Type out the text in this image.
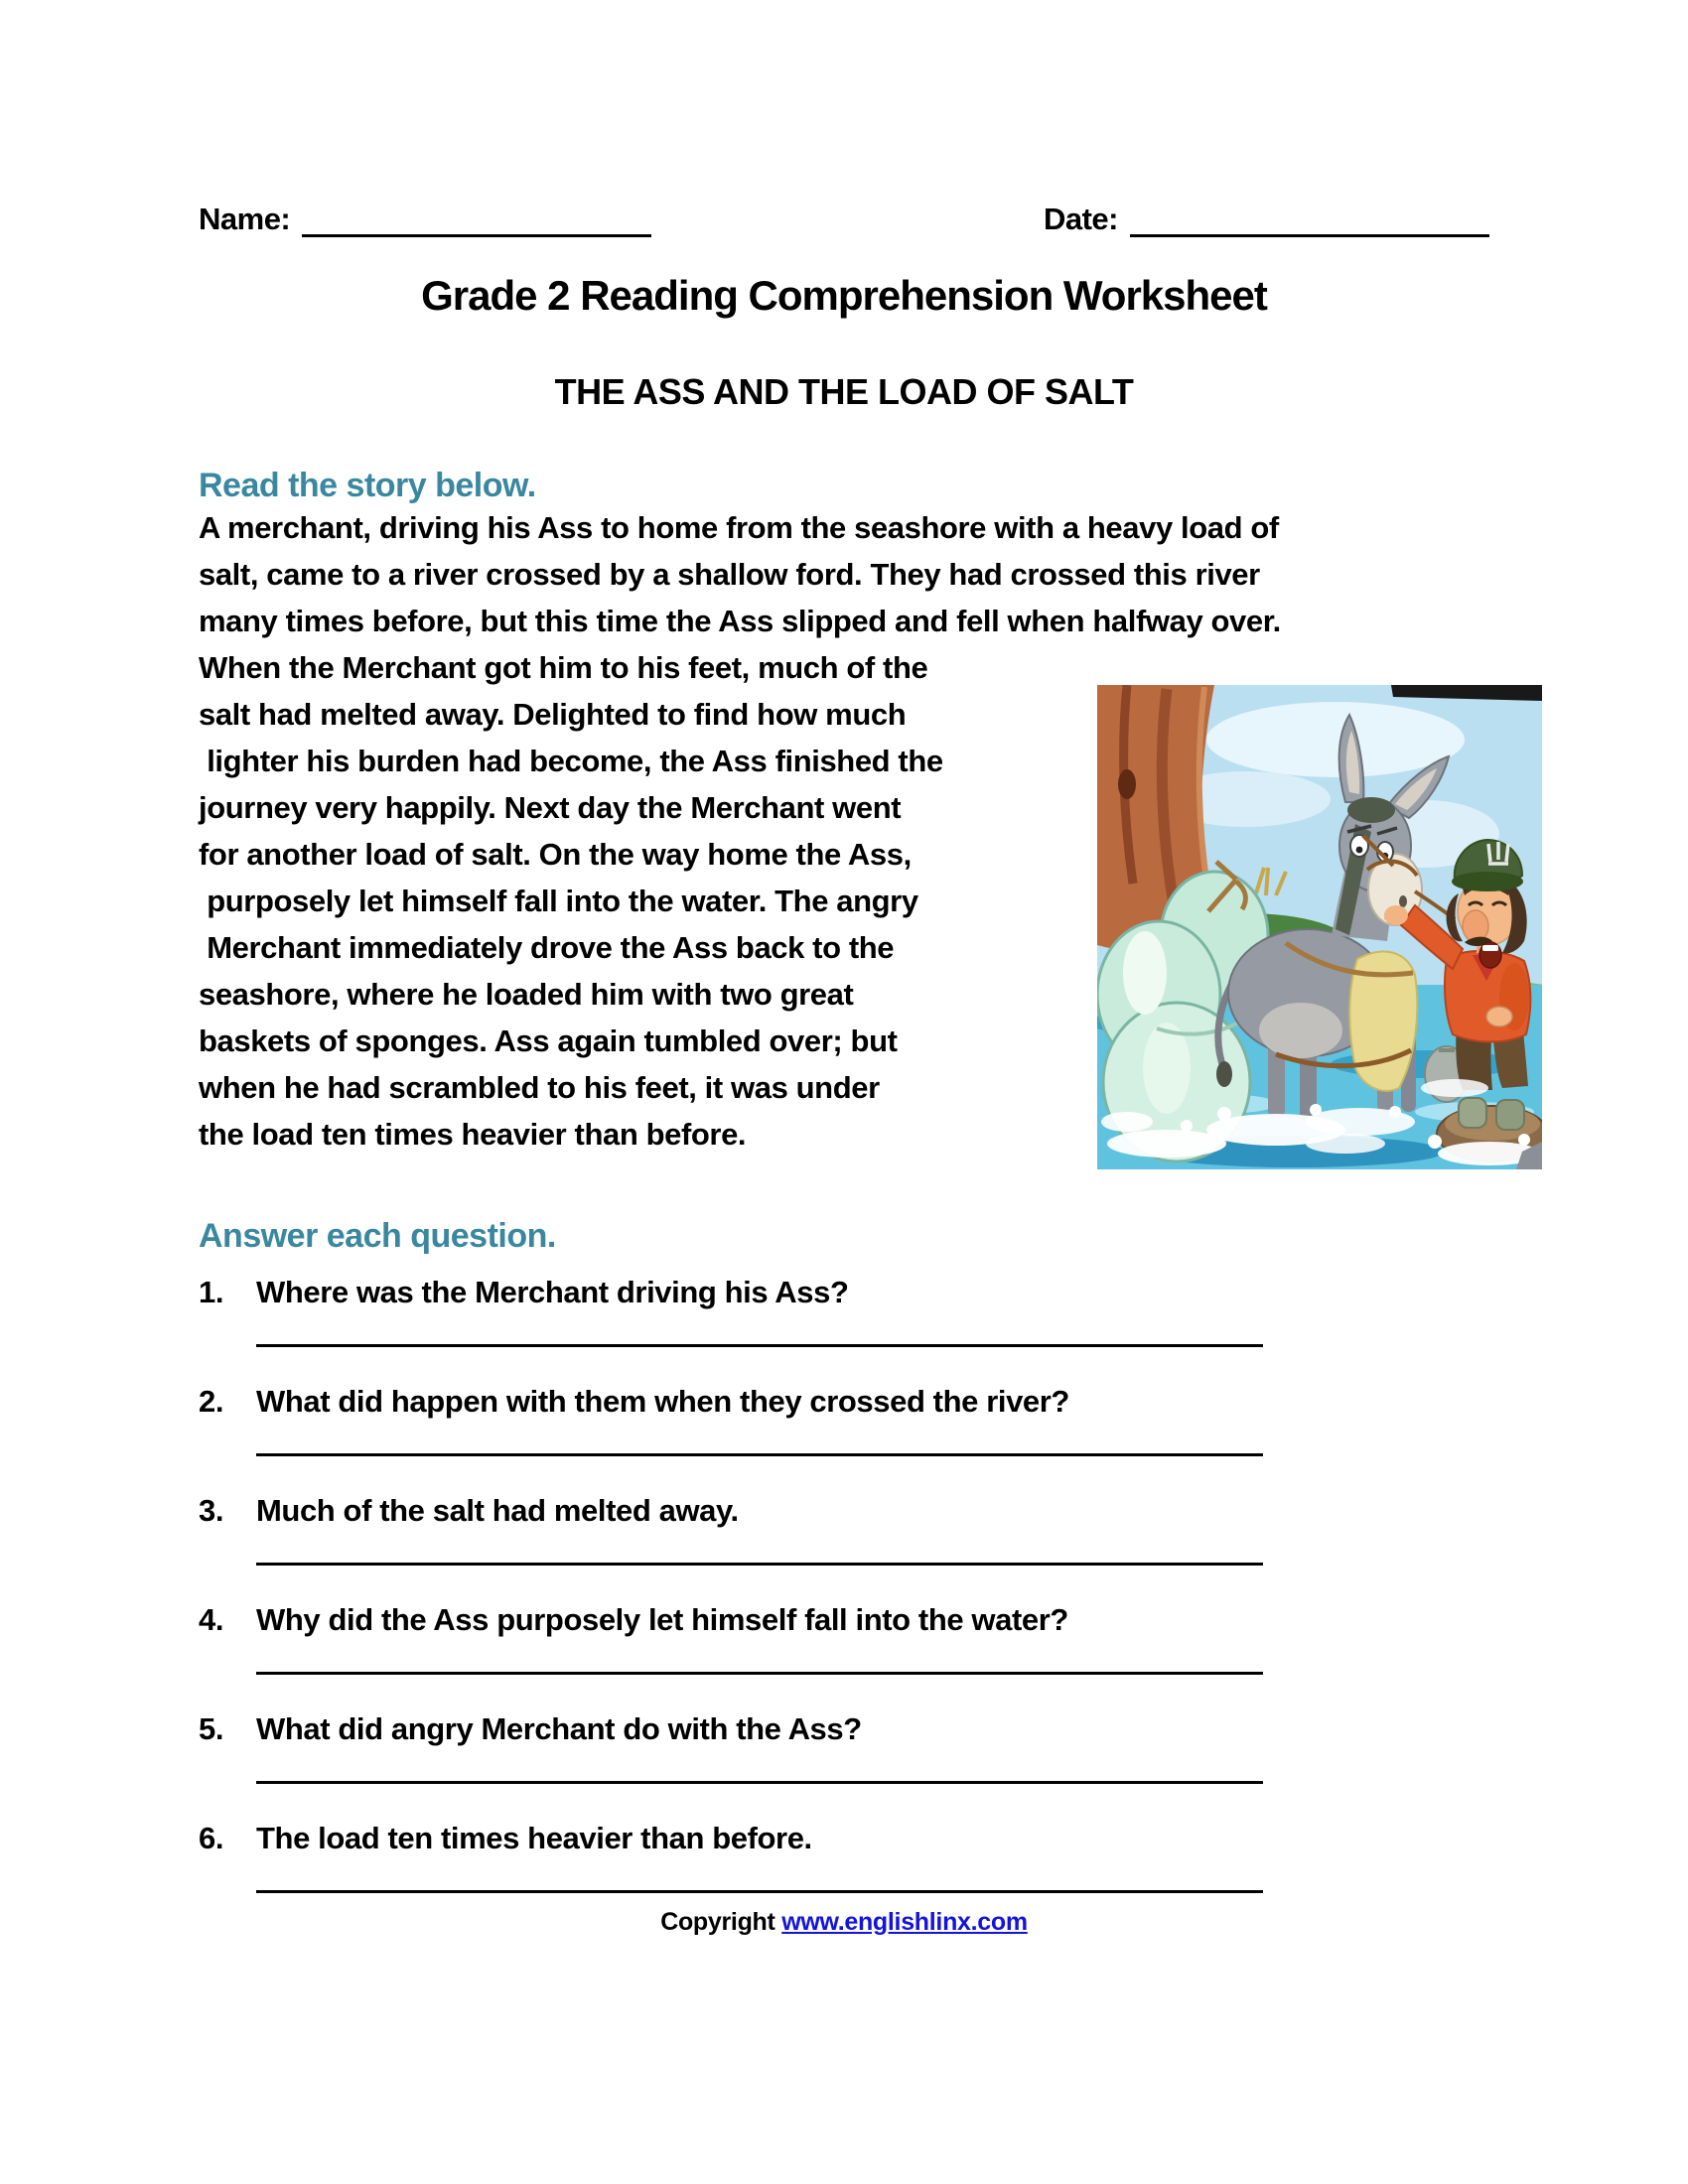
Name:	Date:
Grade 2 Reading Comprehension Worksheet
THE ASS AND THE LOAD OF SALT
Read the story below.
A merchant, driving his Ass to home from the seashore with a heavy load of
salt, came to a river crossed by a shallow ford. They had crossed this river
many times before, but this time the Ass slipped and fell when halfway over.
When the Merchant got him to his feet, much of the
salt had melted away. Delighted to find how much
lighter his burden had become, the Ass finished the
journey very happily. Next day the Merchant went
for another load of salt. On the way home the Ass,
purposely let himself fall into the water. The angry
Merchant immediately drove the Ass back to the
seashore, where he loaded him with two great
baskets of sponges. Ass again tumbled over; but
when he had scrambled to his feet, it was under
the load ten times heavier than before.
Answer each question.
1.	Where was the Merchant driving his Ass?
2.	What did happen with them when they crossed the river?
3.	Much of the salt had melted away.
4.	Why did the Ass purposely let himself fall into the water?
5.	What did angry Merchant do with the Ass?
6.	The load ten times heavier than before.
Copyright www.englishlinx.com
